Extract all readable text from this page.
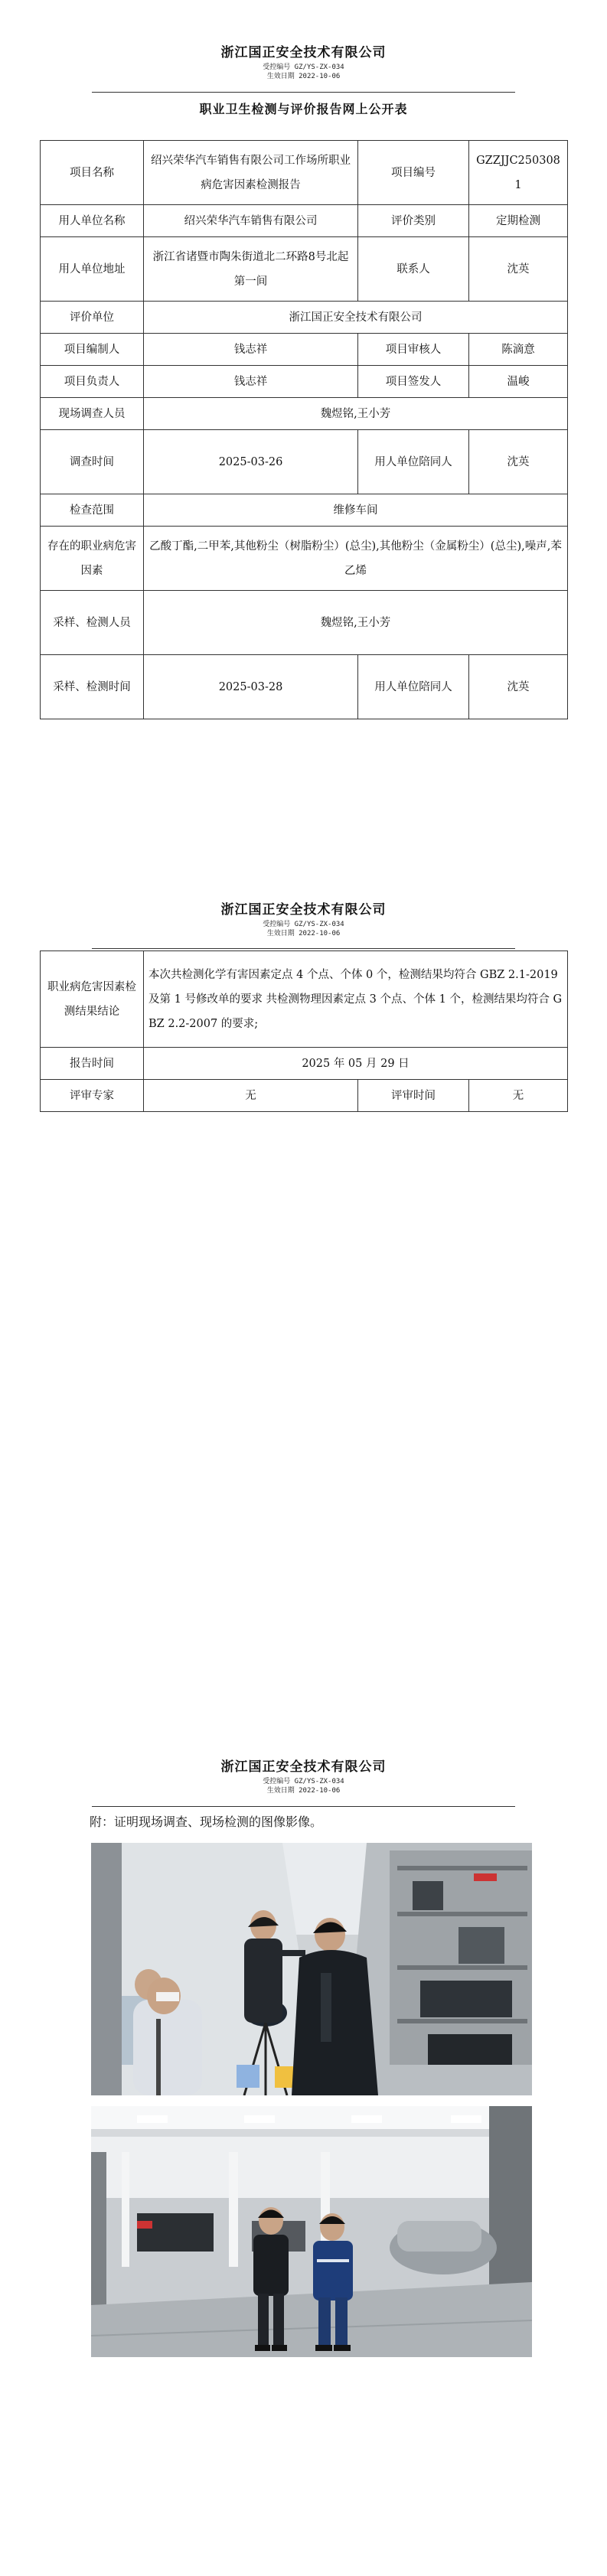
浙江国正安全技术有限公司

受控编号 GZ/YS-ZX-034

生效日期 2022-10-06

职业卫生检测与评价报告网上公开表
项目名称	绍兴荣华汽车销售有限公司工作场所职业病危害因素检测报告	项目编号	GZZJJC2503081
用人单位名称	绍兴荣华汽车销售有限公司	评价类别	定期检测
用人单位地址	浙江省诸暨市陶朱街道北二环路8号北起第一间	联系人	沈英
评价单位	浙江国正安全技术有限公司		
项目编制人	钱志祥	项目审核人	陈滴意
项目负责人	钱志祥	项目签发人	温峻
现场调查人员	魏煜铭,王小芳		
调查时间	2025-03-26	用人单位陪同人	沈英
检查范围	维修车间		
存在的职业病危害因素	乙酸丁酯,二甲苯,其他粉尘（树脂粉尘）(总尘),其他粉尘（金属粉尘）(总尘),噪声,苯乙烯		
采样、检测人员	魏煜铭,王小芳		
采样、检测时间	2025-03-28	用人单位陪同人	沈英

浙江国正安全技术有限公司

受控编号 GZ/YS-ZX-034

生效日期 2022-10-06

职业病危害因素检测结果结论	本次共检测化学有害因素定点 4 个点、个体 0 个，检测结果均符合 GBZ 2.1-2019 及第 1 号修改单的要求 共检测物理因素定点 3 个点、个体 1 个，检测结果均符合 GBZ 2.2-2007 的要求;		
报告时间	2025 年 05 月 29 日		
评审专家	无	评审时间	无

浙江国正安全技术有限公司

受控编号 GZ/YS-ZX-034

生效日期 2022-10-06

附：证明现场调查、现场检测的图像影像。
